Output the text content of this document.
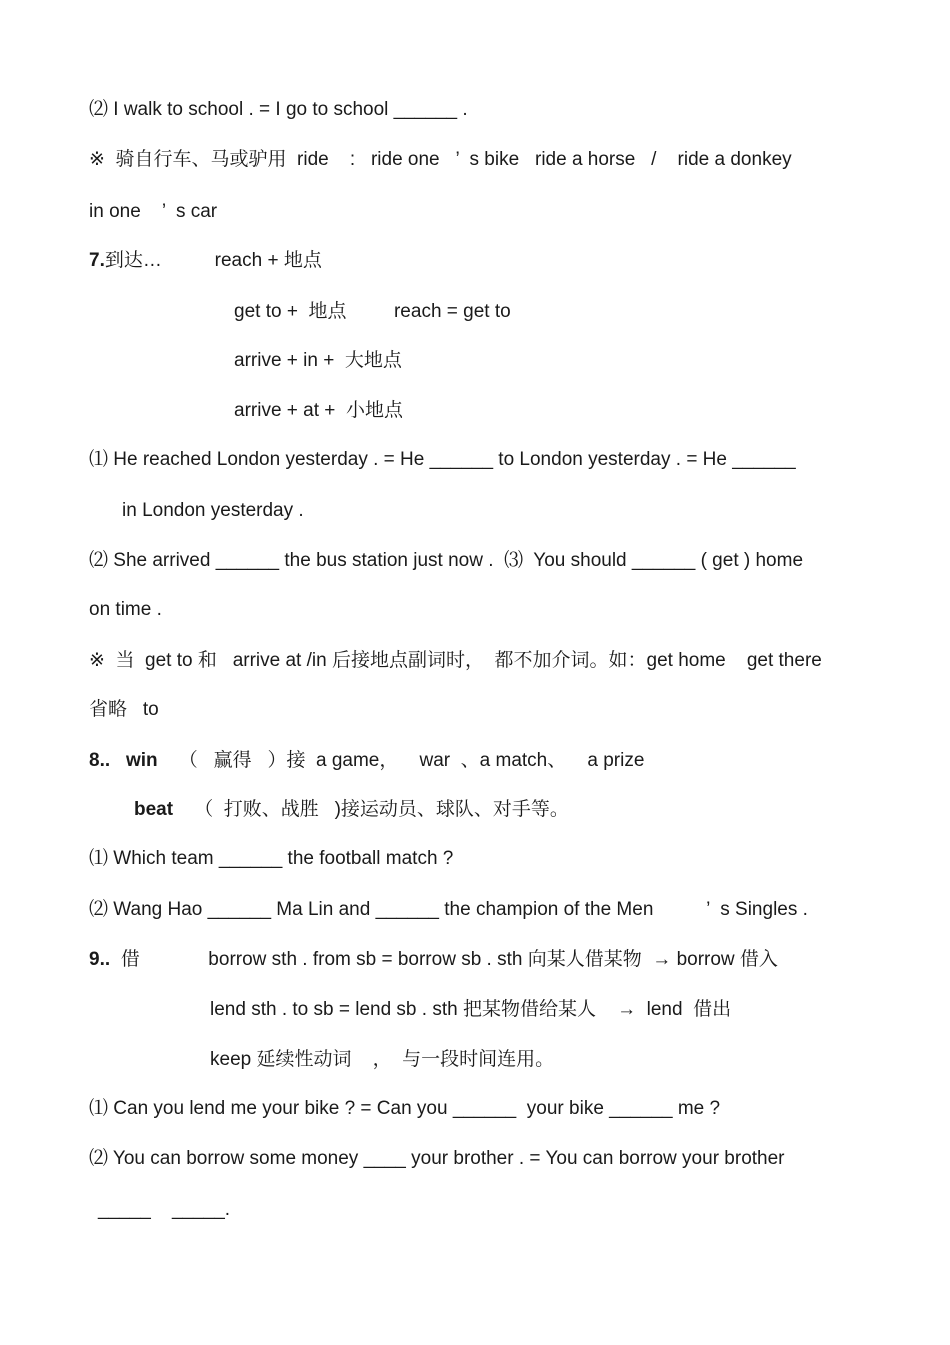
⑵ I walk to school . = I go to school ______ .
※  骑自行车、马或驴用  ride    :   ride one   ’  s bike   ride a horse   /    ride a donkey
in one    ’  s car
7.到达…          reach + 地点
get to +  地点         reach = get to
arrive + in +  大地点
arrive + at +  小地点
⑴ He reached London yesterday . = He ______ to London yesterday . = He ______
in London yesterday .
⑵ She arrived ______ the bus station just now .  ⑶  You should ______ ( get ) home
on time .
※  当  get to 和   arrive at /in 后接地点副词时，  都不加介词。如：get home    get there
省略   to
8.. win （   赢得   ）接  a game，    war  、a match、    a prize
beat （  打败、战胜   )接运动员、球队、对手等。
⑴ Which team ______ the football match ?
⑵ Wang Hao ______ Ma Lin and ______ the champion of the Men          ’  s Singles .
9.. 借             borrow sth . from sb = borrow sb . sth 向某人借某物  → borrow 借入
lend sth . to sb = lend sb . sth 把某物借给某人    →  lend  借出
keep 延续性动词    ，  与一段时间连用。
⑴ Can you lend me your bike ? = Can you ______  your bike ______ me ?
⑵ You can borrow some money ____ your brother . = You can borrow your brother
_____    _____.
